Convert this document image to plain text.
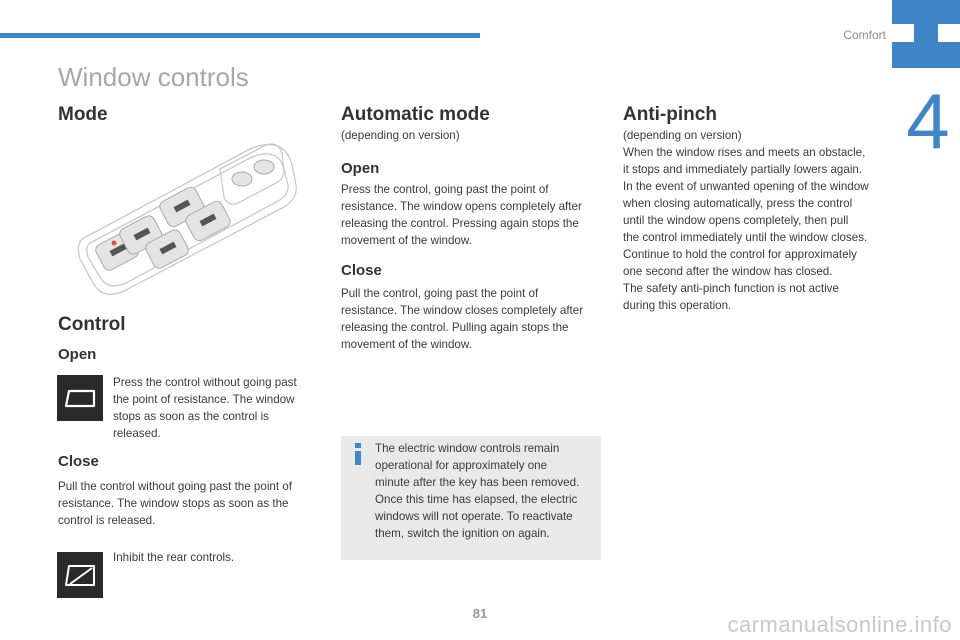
Comfort
4
Window controls
Mode
Control
Open
Press the control without going past
the point of resistance. The window
stops as soon as the control is
released.
Close
Pull the control without going past the point of
resistance. The window stops as soon as the
control is released.
Inhibit the rear controls.
Automatic mode
(depending on version)
Open
Press the control, going past the point of
resistance. The window opens completely after
releasing the control. Pressing again stops the
movement of the window.
Close
Pull the control, going past the point of
resistance. The window closes completely after
releasing the control. Pulling again stops the
movement of the window.
The electric window controls remain
operational for approximately one
minute after the key has been removed.
Once this time has elapsed, the electric
windows will not operate. To reactivate
them, switch the ignition on again.
Anti-pinch
(depending on version)
When the window rises and meets an obstacle,
it stops and immediately partially lowers again.
In the event of unwanted opening of the window
when closing automatically, press the control
until the window opens completely, then pull
the control immediately until the window closes.
Continue to hold the control for approximately
one second after the window has closed.
The safety anti-pinch function is not active
during this operation.
81	carmanualsonline.info
